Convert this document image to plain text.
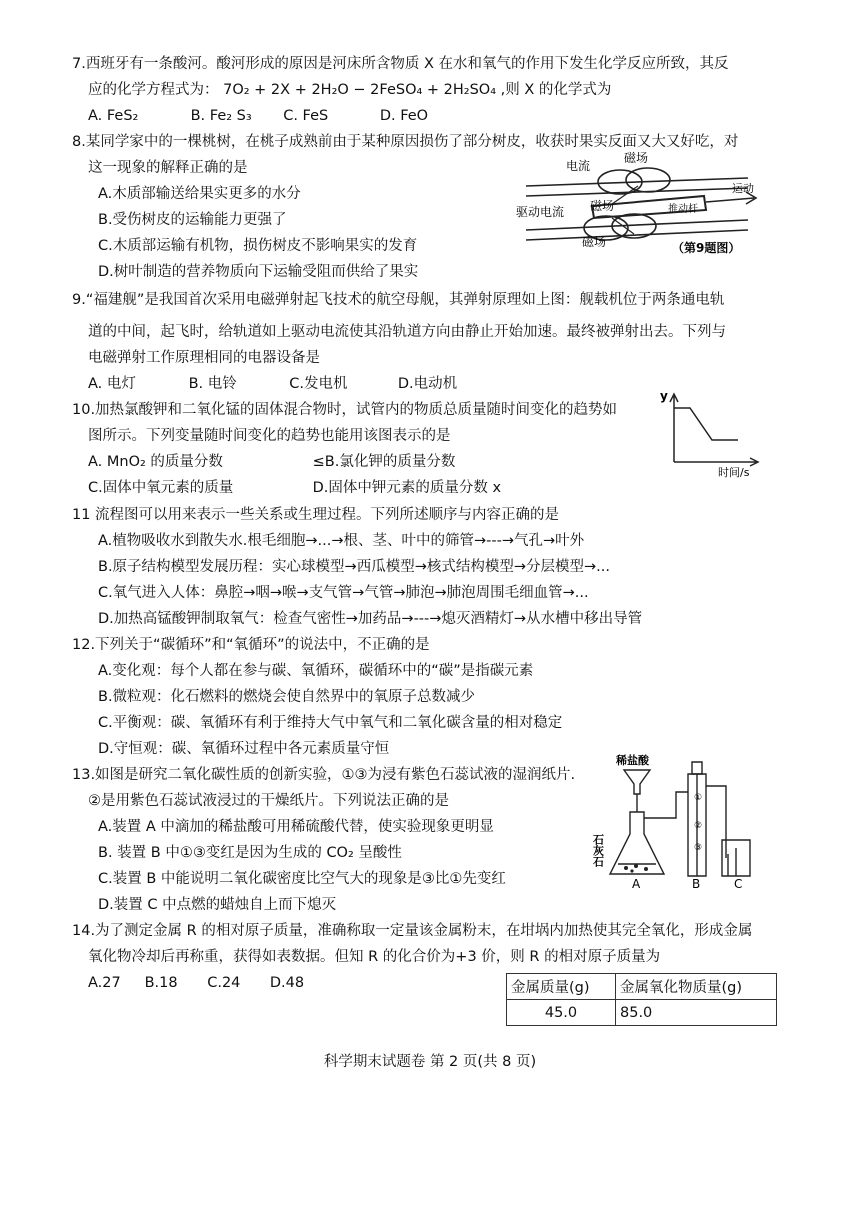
7.西班牙有一条酸河。酸河形成的原因是河床所含物质 X 在水和氧气的作用下发生化学反应所致，其反
应的化学方程式为： 7O₂ + 2X + 2H₂O − 2FeSO₄ + 2H₂SO₄ ,则 X 的化学式为
A. FeS₂	B. Fe₂ S₃ C. FeS	D. FeO
8.某同学家中的一棵桃树，在桃子成熟前由于某种原因损伤了部分树皮，收获时果实反面又大又好吃，对
这一现象的解释正确的是
A.木质部输送给果实更多的水分
B.受伤树皮的运输能力更强了
C.木质部运输有机物，损伤树皮不影响果实的发育
D.树叶制造的营养物质向下运输受阻而供给了果实
电流
磁场
驱动电流 磁场
磁场
运动
推动杆
（第9题图）
9.“福建舰”是我国首次采用电磁弹射起飞技术的航空母舰，其弹射原理如上图：舰载机位于两条通电轨
道的中间，起飞时，给轨道如上驱动电流使其沿轨道方向由静止开始加速。最终被弹射出去。下列与
电磁弹射工作原理相同的电器设备是
A. 电灯	B. 电铃	C.发电机	D.电动机
10.加热氯酸钾和二氧化锰的固体混合物时，试管内的物质总质量随时间变化的趋势如
图所示。下列变量随时间变化的趋势也能用该图表示的是
A. MnO₂ 的质量分数	≤B.氯化钾的质量分数
C.固体中氧元素的质量	D.固体中钾元素的质量分数 x
y
时间/s
11 流程图可以用来表示一些关系或生理过程。下列所述顺序与内容正确的是
A.植物吸收水到散失水.根毛细胞→...→根、茎、叶中的筛管→---→气孔→叶外
B.原子结构模型发展历程：实心球模型→西瓜模型→核式结构模型→分层模型→...
C.氧气进入人体：鼻腔→咽→喉→支气管→气管→肺泡→肺泡周围毛细血管→...
D.加热高锰酸钾制取氧气：检查气密性→加药品→---→熄灭酒精灯→从水槽中移出导管
12.下列关于“碳循环”和“氧循环”的说法中，不正确的是
A.变化观：每个人都在参与碳、氧循环，碳循环中的“碳”是指碳元素
B.微粒观：化石燃料的燃烧会使自然界中的氧原子总数减少
C.平衡观：碳、氧循环有利于维持大气中氧气和二氧化碳含量的相对稳定
D.守恒观：碳、氧循环过程中各元素质量守恒
13.如图是研究二氧化碳性质的创新实验，①③为浸有紫色石蕊试液的湿润纸片.
②是用紫色石蕊试液浸过的干燥纸片。下列说法正确的是
A.装置 A 中滴加的稀盐酸可用稀硫酸代替，使实验现象更明显
B. 装置 B 中①③变红是因为生成的 CO₂ 呈酸性
C.装置 B 中能说明二氧化碳密度比空气大的现象是③比①先变红
D.装置 C 中点燃的蜡烛自上而下熄灭
稀盐酸
石灰石
①
②
③
A	B	C
14.为了测定金属 R 的相对原子质量，准确称取一定量该金属粉末，在坩埚内加热使其完全氧化，形成金属
氧化物冷却后再称重，获得如表数据。但知 R 的化合价为+3 价，则 R 的相对原子质量为
A.27 B.18 C.24 D.48	金属质量(g)	金属氧化物质量(g)
45.0	85.0
科学期末试题卷 第 2 页(共 8 页)
